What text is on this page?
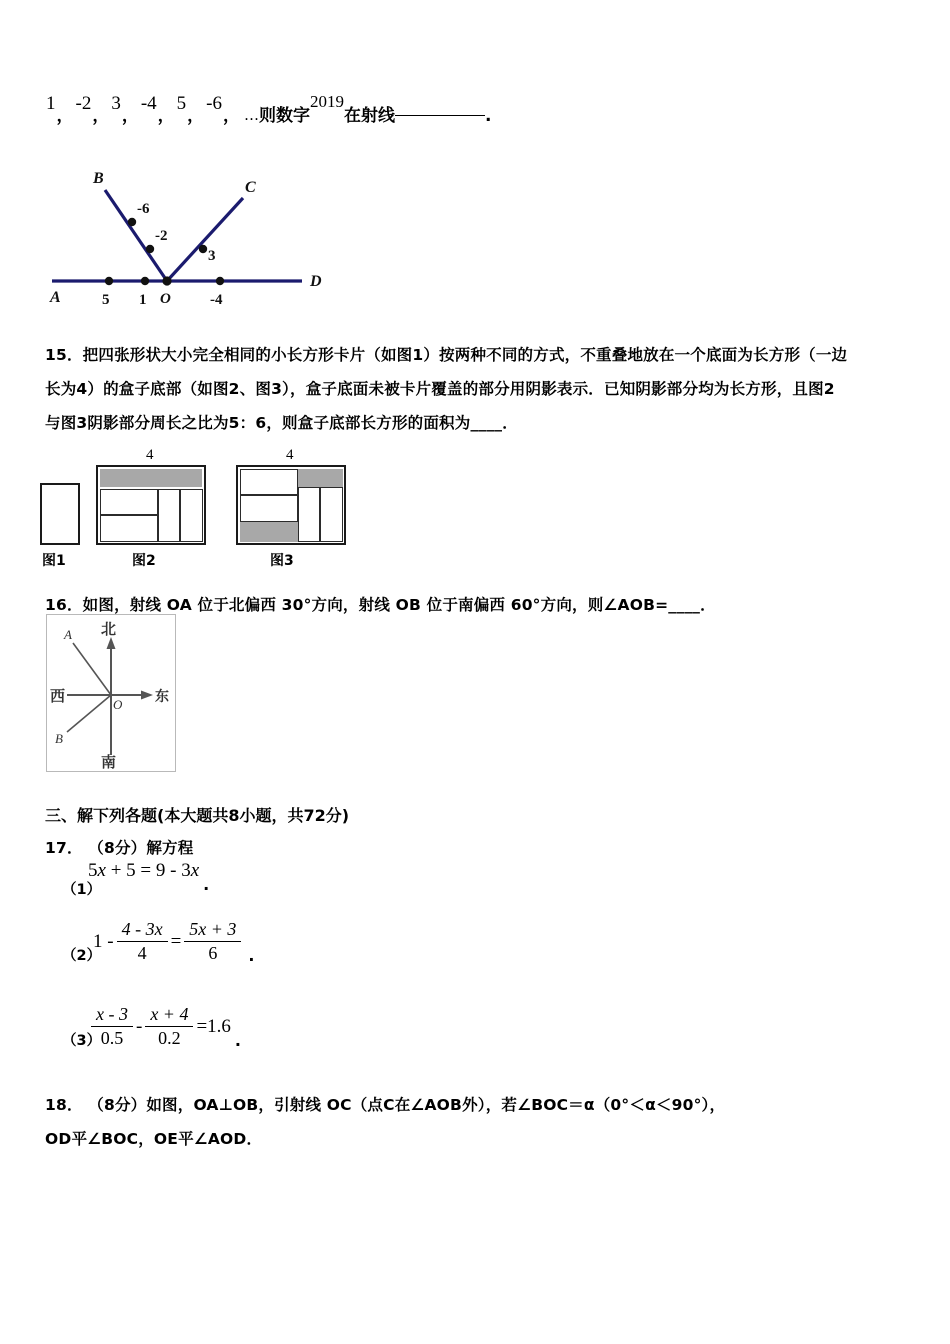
1，-2，3，-4，5，-6， …则数字2019在射线	.
A
B
C
D
O
5 1	-4
-6
-2
3
15．把四张形状大小完全相同的小长方形卡片（如图1）按两种不同的方式，不重叠地放在一个底面为长方形（一边
长为4）的盒子底部（如图2、图3），盒子底面未被卡片覆盖的部分用阴影表示．已知阴影部分均为长方形，且图2
与图3阴影部分周长之比为5：6，则盒子底部长方形的面积为____．
4	4
图1	图2	图3
16．如图，射线 OA 位于北偏西 30°方向，射线 OB 位于南偏西 60°方向，则∠AOB=____．
北
南
东
西	O
A
B
三、解下列各题(本大题共8小题，共72分)
17． （8分）解方程
（1）
$5x + 5 = 9 - 3x_.$
（2）
$1 - \frac{4 - 3x}{4} = \frac{5x + 3}{6} _.$
（3）
$\frac{x - 3}{0.5} - \frac{x + 4}{0.2} =1.6_.$
18． （8分）如图，OA⊥OB，引射线 OC（点C在∠AOB外），若∠BOC＝α（0°＜α＜90°），
OD平∠BOC，OE平∠AOD．
